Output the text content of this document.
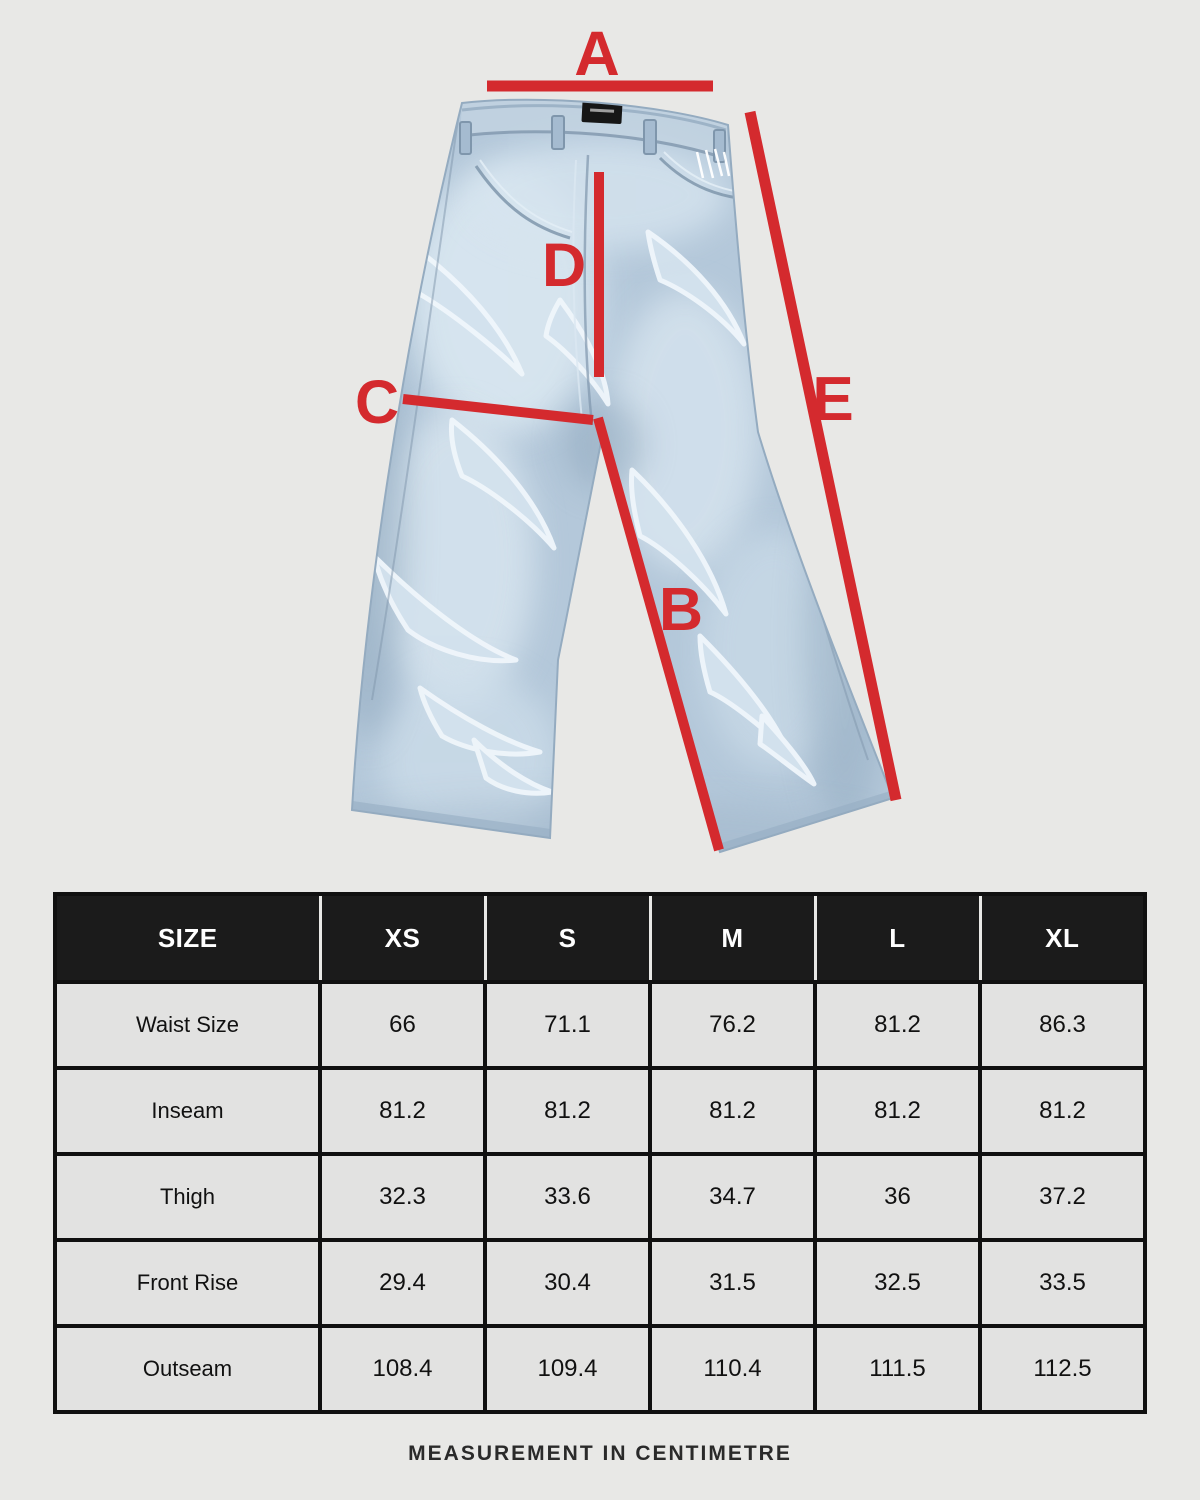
A
B
C
D
E
SIZE	XS	S	M	L	XL
Waist Size	66	71.1	76.2	81.2	86.3
Inseam	81.2	81.2	81.2	81.2	81.2
Thigh	32.3	33.6	34.7	36	37.2
Front Rise	29.4	30.4	31.5	32.5	33.5
Outseam	108.4	109.4	110.4	111.5	112.5
MEASUREMENT IN CENTIMETRE
